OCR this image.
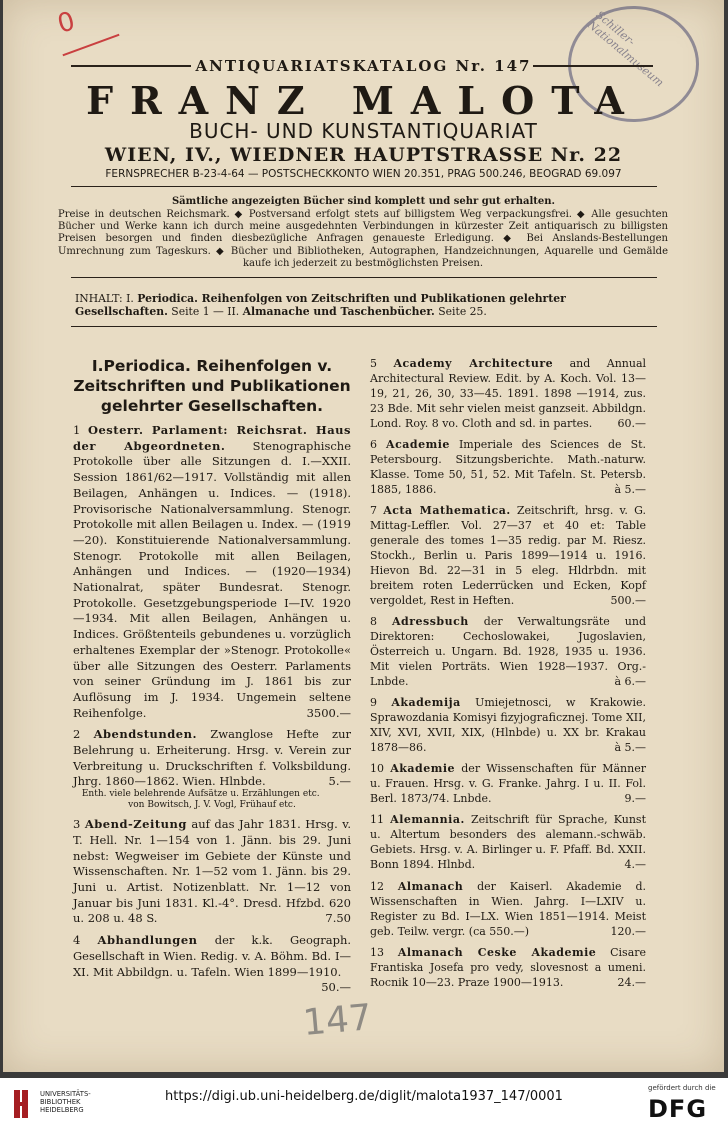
0	Schiller-Nationalmuseum
ANTIQUARIATSKATALOG Nr. 147
FRANZ MALOTA
BUCH- UND KUNSTANTIQUARIAT
WIEN, IV., WIEDNER HAUPTSTRASSE Nr. 22
FERNSPRECHER B-23-4-64 — POSTSCHECKKONTO WIEN 20.351, PRAG 500.246, BEOGRAD 69.097
Sämtliche angezeigten Bücher sind komplett und sehr gut erhalten.
Preise in deutschen Reichsmark. ◆ Postversand erfolgt stets auf billigstem Weg verpackungsfrei. ◆ Alle gesuchten Bücher und Werke kann ich durch meine ausgedehnten Verbindungen in kürzester Zeit antiquarisch zu billigsten Preisen besorgen und finden diesbezügliche Anfragen genaueste Erledigung. ◆ Bei Anslands-Bestellungen Umrechnung zum Tageskurs. ◆ Bücher und Bibliotheken, Autographen, Handzeichnungen, Aquarelle und Gemälde kaufe ich jederzeit zu bestmöglichsten Preisen.
INHALT: I. Periodica. Reihenfolgen von Zeitschriften und Publikationen gelehrter Gesellschaften. Seite 1 — II. Almanache und Taschenbücher. Seite 25.
I.Periodica. Reihenfolgen v. Zeitschriften und Publikationen gelehrter Gesellschaften.
1 Oesterr. Parlament: Reichsrat. Haus der Abgeordneten. Stenographische Protokolle über alle Sitzungen d. I.—XXII. Session 1861/62—1917. Vollständig mit allen Beilagen, Anhängen u. Indices. — (1918). Provisorische Nationalversammlung. Stenogr. Protokolle mit allen Beilagen u. Index. — (1919—20). Konstituierende Nationalversammlung. Stenogr. Protokolle mit allen Beilagen, Anhängen und Indices. — (1920—1934) Nationalrat, später Bundesrat. Stenogr. Protokolle. Gesetzgebungsperiode I—IV. 1920—1934. Mit allen Beilagen, Anhängen u. Indices. Größtenteils gebundenes u. vorzüglich erhaltenes Exemplar der »Stenogr. Protokolle« über alle Sitzungen des Oesterr. Parlaments von seiner Gründung im J. 1861 bis zur Auflösung im J. 1934. Ungemein seltene Reihenfolge.	3500.—
2 Abendstunden. Zwanglose Hefte zur Belehrung u. Erheiterung. Hrsg. v. Verein zur Verbreitung u. Druckschriften f. Volksbildung. Jhrg. 1860—1862. Wien. Hlnbde.	5.—
Enth. viele belehrende Aufsätze u. Erzählungen etc. von Bowitsch, J. V. Vogl, Frühauf etc.
3 Abend-Zeitung auf das Jahr 1831. Hrsg. v. T. Hell. Nr. 1—154 von 1. Jänn. bis 29. Juni nebst: Wegweiser im Gebiete der Künste und Wissenschaften. Nr. 1—52 vom 1. Jänn. bis 29. Juni u. Artist. Notizenblatt. Nr. 1—12 von Januar bis Juni 1831. Kl.-4°. Dresd. Hfzbd. 620 u. 208 u. 48 S.	7.50
4 Abhandlungen der k.k. Geograph. Gesellschaft in Wien. Redig. v. A. Böhm. Bd. I—XI. Mit Abbildgn. u. Tafeln. Wien 1899—1910.
50.—
5 Academy Architecture and Annual Architectural Review. Edit. by A. Koch. Vol. 13—19, 21, 26, 30, 33—45. 1891. 1898 —1914, zus. 23 Bde. Mit sehr vielen meist ganzseit. Abbildgn. Lond. Roy. 8 vo. Cloth and sd. in partes. 60.—
6 Academie Imperiale des Sciences de St. Petersbourg. Sitzungsberichte. Math.-naturw. Klasse. Tome 50, 51, 52. Mit Tafeln. St. Petersb. 1885, 1886.	à 5.—
7 Acta Mathematica. Zeitschrift, hrsg. v. G. Mittag-Leffler. Vol. 27—37 et 40 et: Table generale des tomes 1—35 redig. par M. Riesz. Stockh., Berlin u. Paris 1899—1914 u. 1916. Hievon Bd. 22—31 in 5 eleg. Hldrbdn. mit breitem roten Lederrücken und Ecken, Kopf vergoldet, Rest in Heften.	500.—
8 Adressbuch der Verwaltungsräte und Direktoren: Cechoslowakei, Jugoslavien, Österreich u. Ungarn. Bd. 1928, 1935 u. 1936. Mit vielen Porträts. Wien 1928—1937. Org.-Lnbde.	à 6.—
9 Akademija Umiejetnosci, w Krakowie. Sprawozdania Komisyi fizyjograficznej. Tome XII, XIV, XVI, XVII, XIX, (Hlnbde) u. XX br. Krakau 1878—86.	à 5.—
10 Akademie der Wissenschaften für Männer u. Frauen. Hrsg. v. G. Franke. Jahrg. I u. II. Fol. Berl. 1873/74. Lnbde.	9.—
11 Alemannia. Zeitschrift für Sprache, Kunst u. Altertum besonders des alemann.-schwäb. Gebiets. Hrsg. v. A. Birlinger u. F. Pfaff. Bd. XXII. Bonn 1894. Hlnbd.	4.—
12 Almanach der Kaiserl. Akademie d. Wissenschaften in Wien. Jahrg. I—LXIV u. Register zu Bd. I—LX. Wien 1851—1914. Meist geb. Teilw. vergr. (ca 550.—)	120.—
13 Almanach Ceske Akademie Cisare Frantiska Josefa pro vedy, slovesnost a umeni. Rocnik 10—23. Praze 1900—1913.	24.—
147
UNIVERSITÄTS-BIBLIOTHEK HEIDELBERG
https://digi.ub.uni-heidelberg.de/diglit/malota1937_147/0001
gefördert durch die
DFG
